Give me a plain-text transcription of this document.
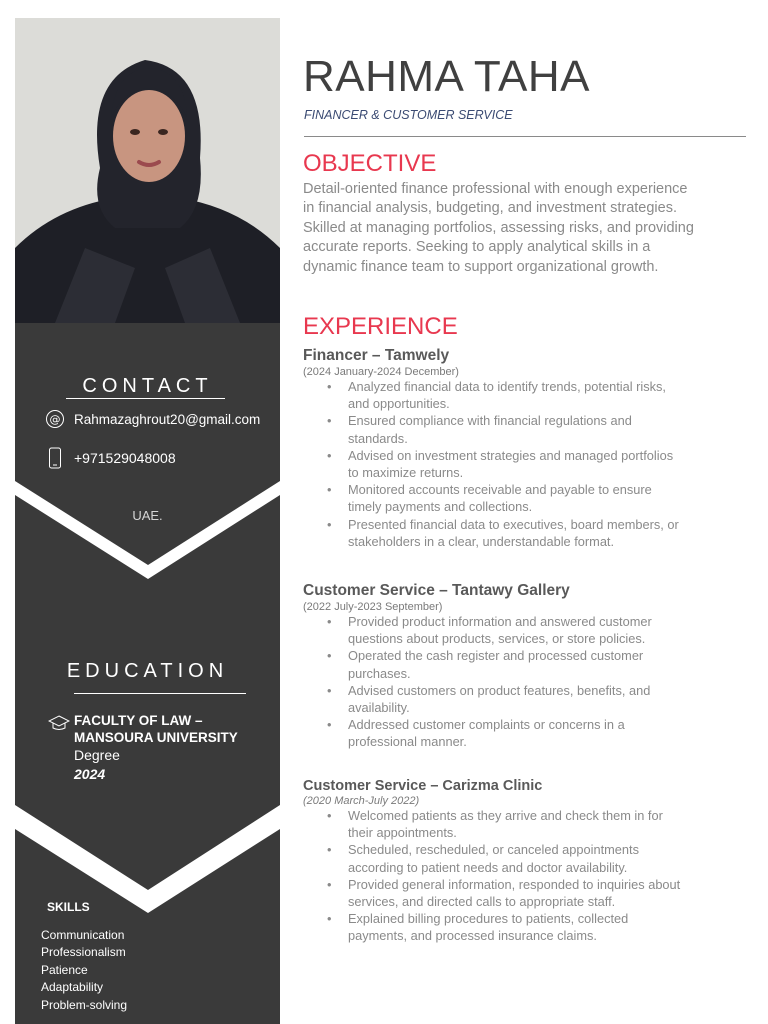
CONTACT
@ Rahmazaghrout20@gmail.com
+971529048008
UAE.
EDUCATION
FACULTY OF LAW –
MANSOURA UNIVERSITY
Degree
2024
SKILLS
Communication
Professionalism
Patience
Adaptability
Problem-solving
RAHMA TAHA
FINANCER & CUSTOMER SERVICE
OBJECTIVE
Detail-oriented finance professional with enough experience
in financial analysis, budgeting, and investment strategies.
Skilled at managing portfolios, assessing risks, and providing
accurate reports. Seeking to apply analytical skills in a
dynamic finance team to support organizational growth.
EXPERIENCE
Financer – Tamwely
(2024 January-2024 December)
• Analyzed financial data to identify trends, potential risks,
and opportunities.
• Ensured compliance with financial regulations and
standards.
• Advised on investment strategies and managed portfolios
to maximize returns.
• Monitored accounts receivable and payable to ensure
timely payments and collections.
• Presented financial data to executives, board members, or
stakeholders in a clear, understandable format.
Customer Service – Tantawy Gallery
(2022 July-2023 September)
• Provided product information and answered customer
questions about products, services, or store policies.
• Operated the cash register and processed customer
purchases.
• Advised customers on product features, benefits, and
availability.
• Addressed customer complaints or concerns in a
professional manner.
Customer Service – Carizma Clinic
(2020 March-July 2022)
• Welcomed patients as they arrive and check them in for
their appointments.
• Scheduled, rescheduled, or canceled appointments
according to patient needs and doctor availability.
• Provided general information, responded to inquiries about
services, and directed calls to appropriate staff.
• Explained billing procedures to patients, collected
payments, and processed insurance claims.
